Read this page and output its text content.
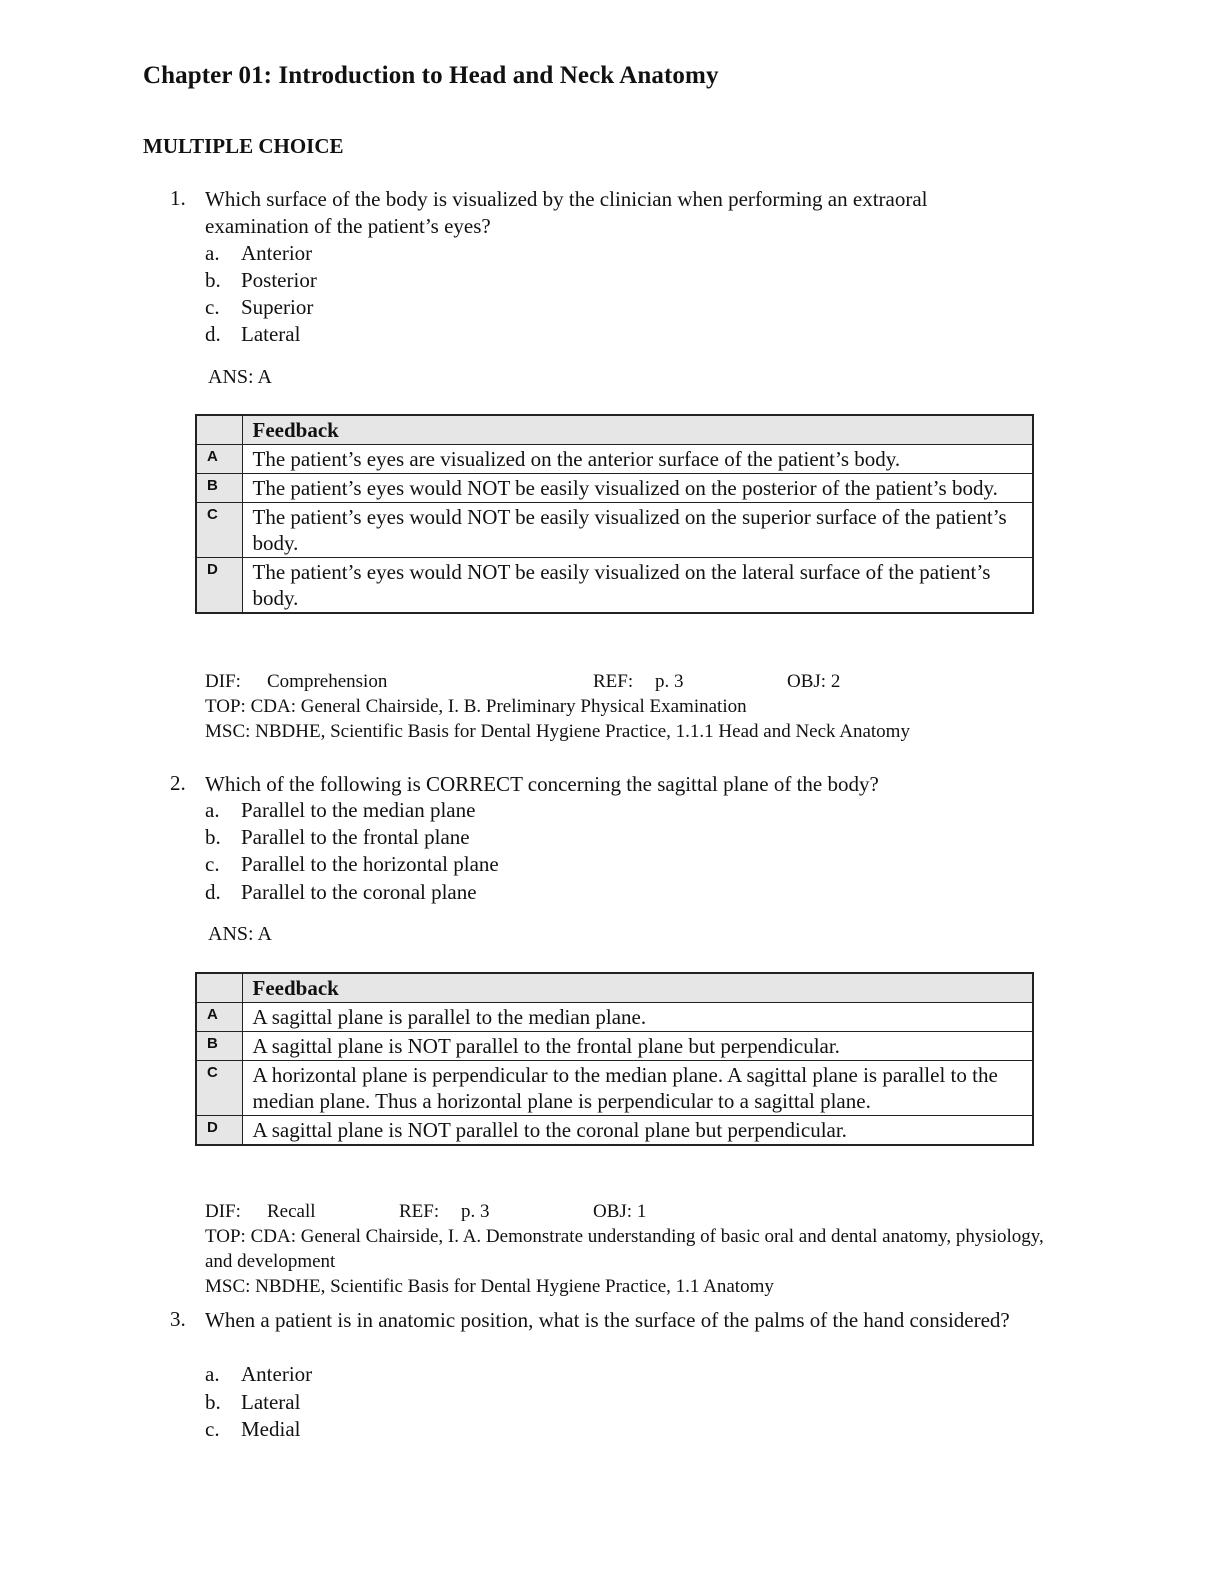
Chapter 01: Introduction to Head and Neck Anatomy
MULTIPLE CHOICE
1. Which surface of the body is visualized by the clinician when performing an extraoral examination of the patient’s eyes?
a. Anterior
b. Posterior
c. Superior
d. Lateral
ANS: A
	Feedback
A	The patient’s eyes are visualized on the anterior surface of the patient’s body.
B	The patient’s eyes would NOT be easily visualized on the posterior of the patient’s body.
C	The patient’s eyes would NOT be easily visualized on the superior surface of the patient’s body.
D	The patient’s eyes would NOT be easily visualized on the lateral surface of the patient’s body.
DIF: Comprehension	REF: p. 3	OBJ: 2
TOP: CDA: General Chairside, I. B. Preliminary Physical Examination
MSC: NBDHE, Scientific Basis for Dental Hygiene Practice, 1.1.1 Head and Neck Anatomy
2. Which of the following is CORRECT concerning the sagittal plane of the body?
a. Parallel to the median plane
b. Parallel to the frontal plane
c. Parallel to the horizontal plane
d. Parallel to the coronal plane
ANS: A
	Feedback
A	A sagittal plane is parallel to the median plane.
B	A sagittal plane is NOT parallel to the frontal plane but perpendicular.
C	A horizontal plane is perpendicular to the median plane. A sagittal plane is parallel to the median plane. Thus a horizontal plane is perpendicular to a sagittal plane.
D	A sagittal plane is NOT parallel to the coronal plane but perpendicular.
DIF: Recall	REF: p. 3	OBJ: 1
TOP: CDA: General Chairside, I. A. Demonstrate understanding of basic oral and dental anatomy, physiology, and development
MSC: NBDHE, Scientific Basis for Dental Hygiene Practice, 1.1 Anatomy
3. When a patient is in anatomic position, what is the surface of the palms of the hand considered?
a. Anterior
b. Lateral
c. Medial
